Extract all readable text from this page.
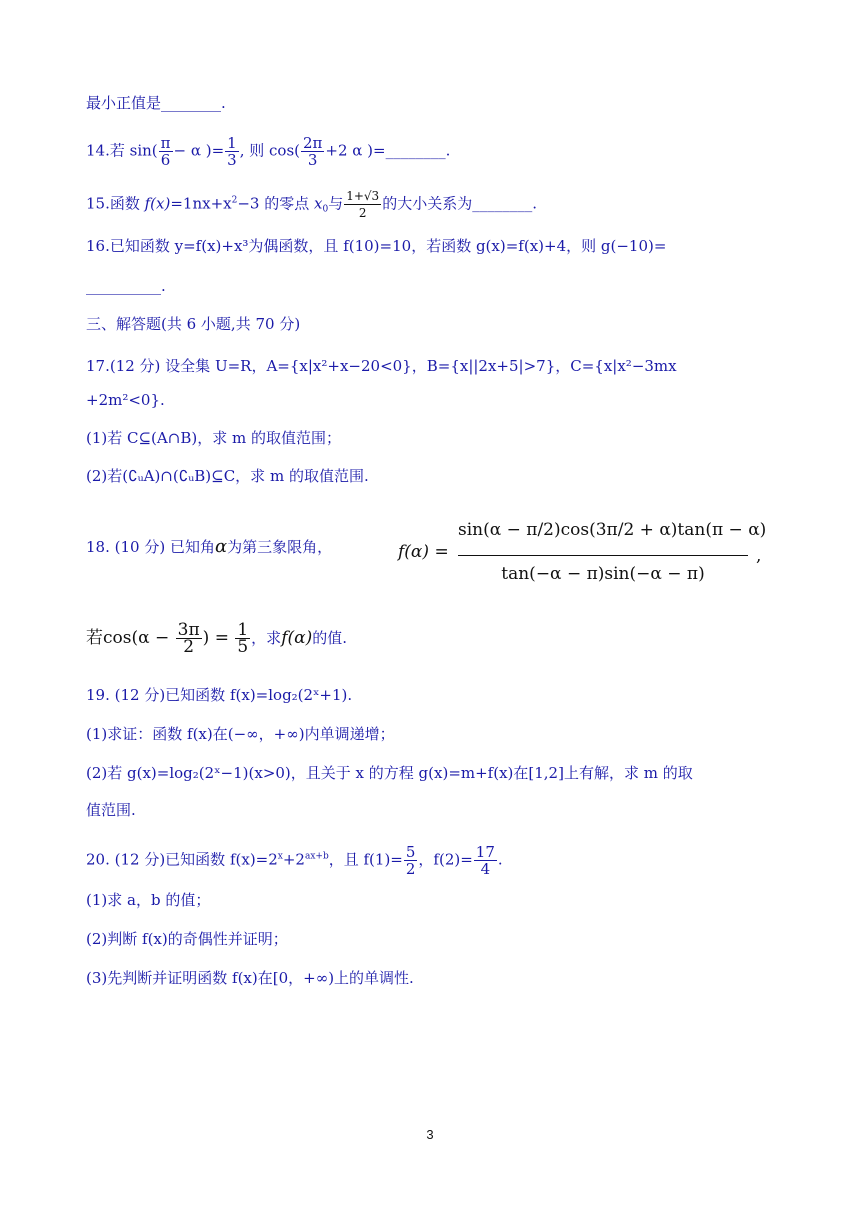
最小正值是________.
14.若 $\sin( \frac{\pi}{6} - \alpha$ )= $\frac{1}{3}$ , 则 $\cos( \frac{2\pi}{3} +2$ α )=________.
15.函数 $f(x)=1nx+x^2-3$ 的零点 $x_0$与 $\frac{1+√3}{2}$ 的大小关系为________.
16.已知函数 y=f(x)+x³为偶函数，且 f(10)=10，若函数 g(x)=f(x)+4，则 g(−10)=
__________.
三、解答题(共 6 小题,共 70 分)
17.(12 分) 设全集 U=R，A={x|x²+x−20<0}，B={x||2x+5|>7}，C={x|x²−3mx
+2m²<0}.
(1)若 C⊆(A∩B)，求 m 的取值范围；
(2)若(∁ᵤA)∩(∁ᵤB)⊆C，求 m 的取值范围.
18. (10 分) 已知角α为第三象限角，	f(α) =
sin(α − π/2)cos(3π/2 + α)tan(π − α)
tan(−α − π)sin(−α − π)
,
若$\cos(\alpha - \frac{3\pi}{2}$ ) = $\frac{1}{5}$ ，求f(α)的值.
19. (12 分)已知函数 f(x)=log₂(2ˣ+1).
(1)求证：函数 f(x)在(−∞，+∞)内单调递增；
(2)若 g(x)=log₂(2ˣ−1)(x>0)，且关于 x 的方程 g(x)=m+f(x)在[1,2]上有解，求 m 的取
值范围.
20. (12 分)已知函数 $f(x)=2^x+2^{ax+b}$，且 $f(1)= \frac{5}{2}$ ，$f(2)= \frac{17}{4}$ .
(1)求 a，b 的值；
(2)判断 f(x)的奇偶性并证明；
(3)先判断并证明函数 f(x)在[0，+∞)上的单调性.
3
